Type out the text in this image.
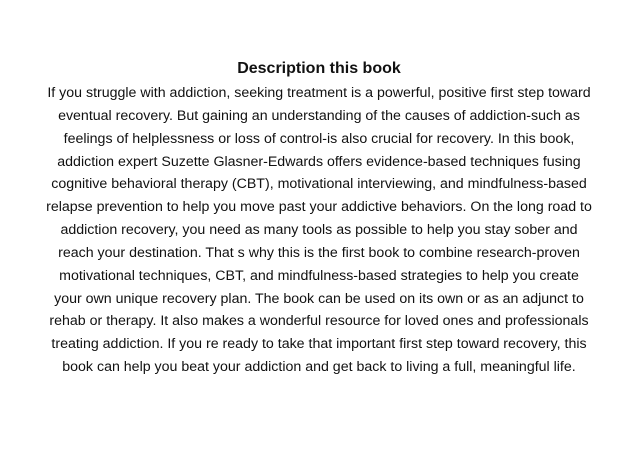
Description this book
If you struggle with addiction, seeking treatment is a powerful, positive first step toward
eventual recovery. But gaining an understanding of the causes of addiction-such as
feelings of helplessness or loss of control-is also crucial for recovery. In this book,
addiction expert Suzette Glasner-Edwards offers evidence-based techniques fusing
cognitive behavioral therapy (CBT), motivational interviewing, and mindfulness-based
relapse prevention to help you move past your addictive behaviors. On the long road to
addiction recovery, you need as many tools as possible to help you stay sober and
reach your destination. That s why this is the first book to combine research-proven
motivational techniques, CBT, and mindfulness-based strategies to help you create
your own unique recovery plan. The book can be used on its own or as an adjunct to
rehab or therapy. It also makes a wonderful resource for loved ones and professionals
treating addiction. If you re ready to take that important first step toward recovery, this
book can help you beat your addiction and get back to living a full, meaningful life.
